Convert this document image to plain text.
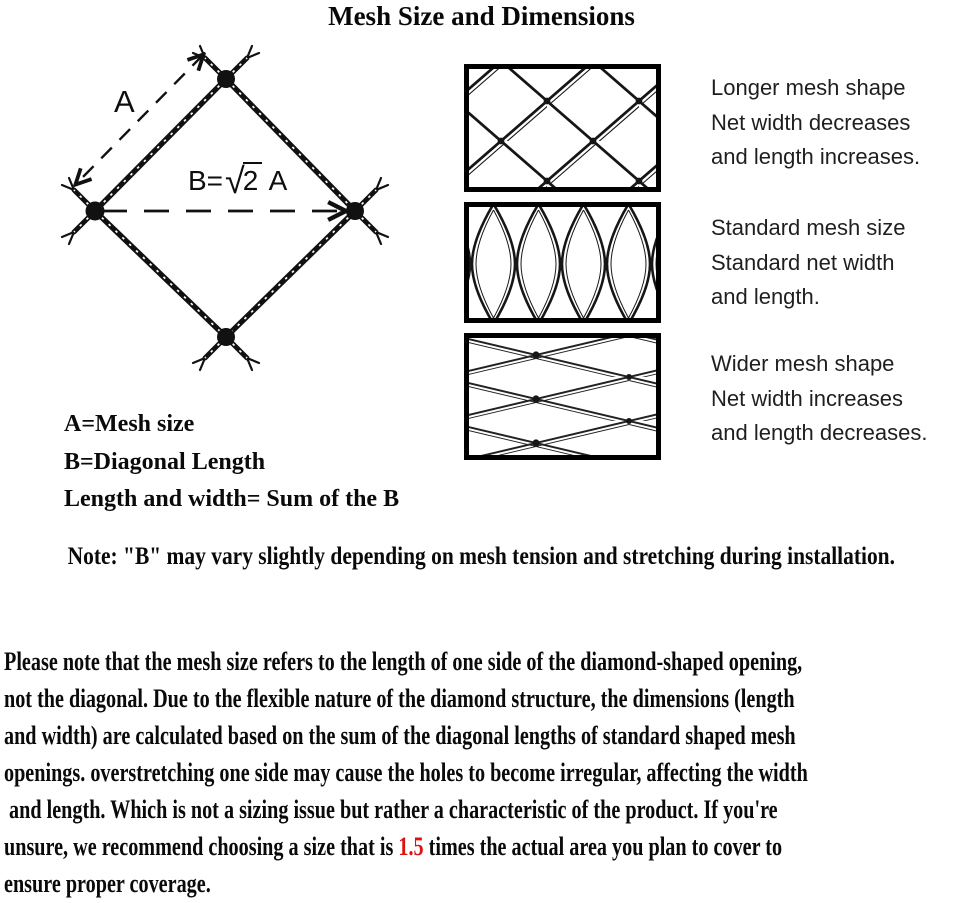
Mesh Size and Dimensions
A
B=√2 A
Longer mesh shape
Net width decreases
and length increases.
Standard mesh size
Standard net width
and length.
Wider mesh shape
Net width increases
and length decreases.
A=Mesh size
B=Diagonal Length
Length and width= Sum of the B
Note: "B" may vary slightly depending on mesh tension and stretching during installation.
Please note that the mesh size refers to the length of one side of the diamond-shaped opening,
not the diagonal. Due to the flexible nature of the diamond structure, the dimensions (length
and width) are calculated based on the sum of the diagonal lengths of standard shaped mesh
openings. overstretching one side may cause the holes to become irregular, affecting the width
and length. Which is not a sizing issue but rather a characteristic of the product. If you're
unsure, we recommend choosing a size that is 1.5 times the actual area you plan to cover to
ensure proper coverage.
